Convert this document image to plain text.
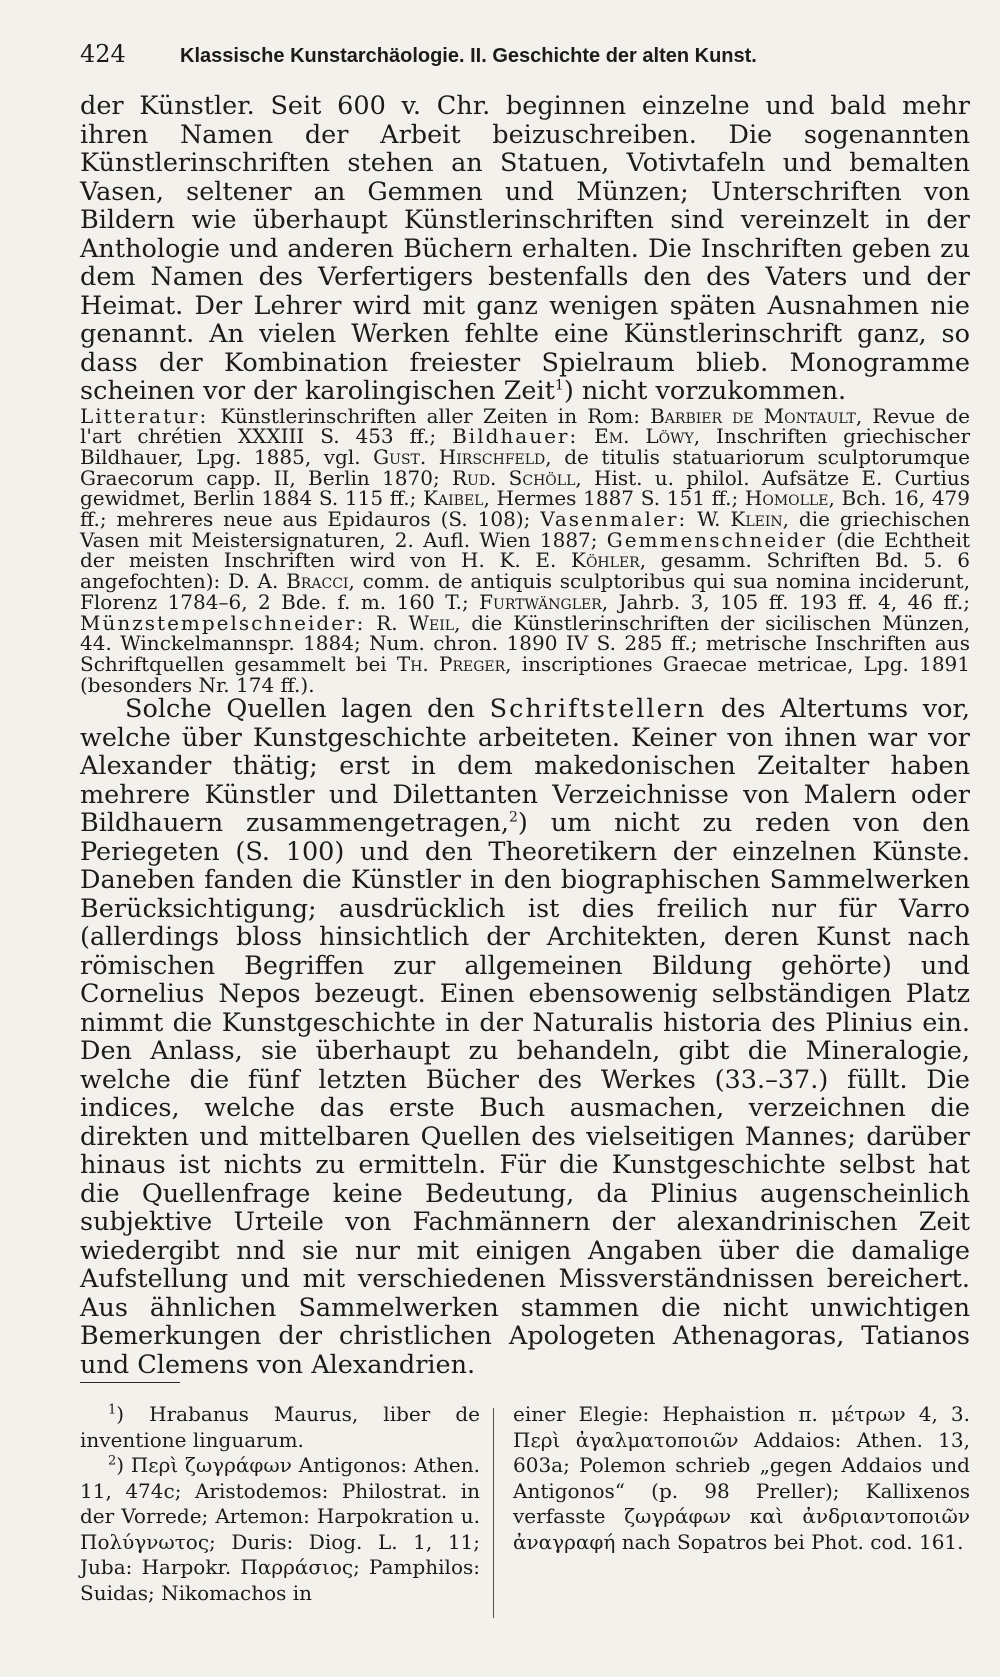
424	Klassische Kunstarchäologie. II. Geschichte der alten Kunst.

der Künstler. Seit 600 v. Chr. beginnen einzelne und bald mehr ihren Namen der Arbeit beizuschreiben. Die sogenannten Künstlerinschriften stehen an Statuen, Votivtafeln und bemalten Vasen, seltener an Gemmen und Münzen; Unterschriften von Bildern wie überhaupt Künstlerinschriften sind vereinzelt in der Anthologie und anderen Büchern erhalten. Die Inschriften geben zu dem Namen des Verfertigers bestenfalls den des Vaters und der Heimat. Der Lehrer wird mit ganz wenigen späten Ausnahmen nie genannt. An vielen Werken fehlte eine Künstlerinschrift ganz, so dass der Kombination freiester Spielraum blieb. Monogramme scheinen vor der karolingischen Zeit$^1$) nicht vorzukommen.

Litteratur: Künstlerinschriften aller Zeiten in Rom: Barbier de Montault, Revue de l'art chrétien XXXIII S. 453 ff.; Bildhauer: Em. Löwy, Inschriften griechischer Bildhauer, Lpg. 1885, vgl. Gust. Hirschfeld, de titulis statuariorum sculptorumque Graecorum capp. II, Berlin 1870; Rud. Schöll, Hist. u. philol. Aufsätze E. Curtius gewidmet, Berlin 1884 S. 115 ff.; Kaibel, Hermes 1887 S. 151 ff.; Homolle, Bch. 16, 479 ff.; mehreres neue aus Epidauros (S. 108); Vasenmaler: W. Klein, die griechischen Vasen mit Meistersignaturen, 2. Aufl. Wien 1887; Gemmenschneider (die Echtheit der meisten Inschriften wird von H. K. E. Köhler, gesamm. Schriften Bd. 5. 6 angefochten): D. A. Bracci, comm. de antiquis sculptoribus qui sua nomina inciderunt, Florenz 1784–6, 2 Bde. f. m. 160 T.; Furtwängler, Jahrb. 3, 105 ff. 193 ff. 4, 46 ff.; Münzstempelschneider: R. Weil, die Künstlerinschriften der sicilischen Münzen, 44. Winckelmannspr. 1884; Num. chron. 1890 IV S. 285 ff.; metrische Inschriften aus Schriftquellen gesammelt bei Th. Preger, inscriptiones Graecae metricae, Lpg. 1891 (besonders Nr. 174 ff.).

Solche Quellen lagen den Schriftstellern des Altertums vor, welche über Kunstgeschichte arbeiteten. Keiner von ihnen war vor Alexander thätig; erst in dem makedonischen Zeitalter haben mehrere Künstler und Dilettanten Verzeichnisse von Malern oder Bildhauern zusammengetragen,$^2$) um nicht zu reden von den Periegeten (S. 100) und den Theoretikern der einzelnen Künste. Daneben fanden die Künstler in den biographischen Sammelwerken Berücksichtigung; ausdrücklich ist dies freilich nur für Varro (allerdings bloss hinsichtlich der Architekten, deren Kunst nach römischen Begriffen zur allgemeinen Bildung gehörte) und Cornelius Nepos bezeugt. Einen ebensowenig selbständigen Platz nimmt die Kunstgeschichte in der Naturalis historia des Plinius ein. Den Anlass, sie überhaupt zu behandeln, gibt die Mineralogie, welche die fünf letzten Bücher des Werkes (33.–37.) füllt. Die indices, welche das erste Buch ausmachen, verzeichnen die direkten und mittelbaren Quellen des vielseitigen Mannes; darüber hinaus ist nichts zu ermitteln. Für die Kunstgeschichte selbst hat die Quellenfrage keine Bedeutung, da Plinius augenscheinlich subjektive Urteile von Fachmännern der alexandrinischen Zeit wiedergibt nnd sie nur mit einigen Angaben über die damalige Aufstellung und mit verschiedenen Missverständnissen bereichert. Aus ähnlichen Sammelwerken stammen die nicht unwichtigen Bemerkungen der christlichen Apologeten Athenagoras, Tatianos und Clemens von Alexandrien.

$^1$) Hrabanus Maurus, liber de inventione linguarum.

$^2$) Περὶ ζωγράφων Antigonos: Athen. 11, 474c; Aristodemos: Philostrat. in der Vorrede; Artemon: Harpokration u. Πολύγνωτος; Duris: Diog. L. 1, 11; Juba: Harpokr. Παρράσιος; Pamphilos: Suidas; Nikomachos in

einer Elegie: Hephaistion π. μέτρων 4, 3. Περὶ ἀγαλματοποιῶν Addaios: Athen. 13, 603a; Polemon schrieb „gegen Addaios und Antigonos“ (p. 98 Preller); Kallixenos verfasste ζωγράφων καὶ ἀνδριαντοποιῶν ἀναγραφή nach Sopatros bei Phot. cod. 161.
